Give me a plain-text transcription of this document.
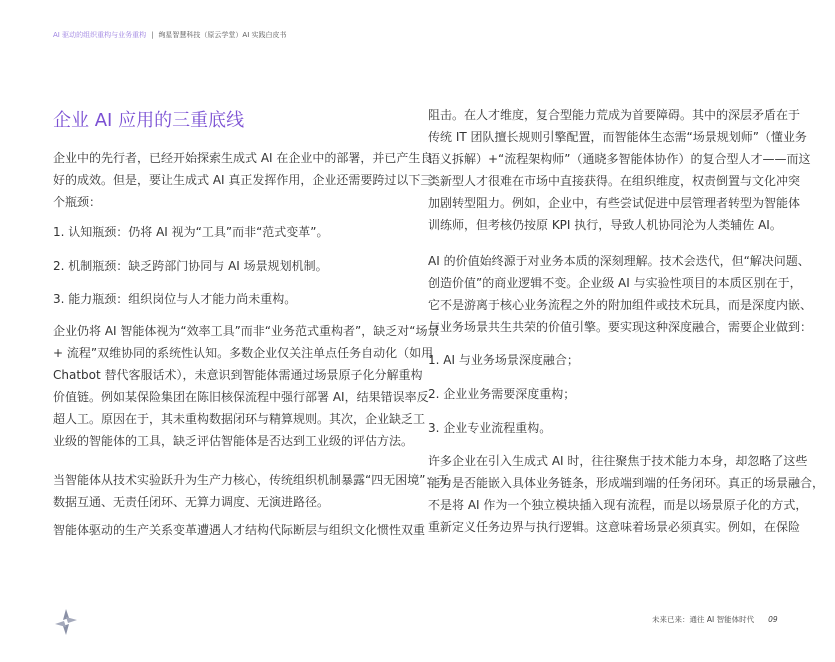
AI 驱动的组织重构与业务重构 | 绚星智慧科技（原云学堂）AI 实践白皮书
企业 AI 应用的三重底线
企业中的先行者，已经开始探索生成式 AI 在企业中的部署，并已产生良
好的成效。但是，要让生成式 AI 真正发挥作用，企业还需要跨过以下三
个瓶颈：
1. 认知瓶颈：仍将 AI 视为“工具”而非“范式变革”。
2. 机制瓶颈：缺乏跨部门协同与 AI 场景规划机制。
3. 能力瓶颈：组织岗位与人才能力尚未重构。
企业仍将 AI 智能体视为“效率工具”而非“业务范式重构者”，缺乏对“场景
+ 流程”双维协同的系统性认知。多数企业仅关注单点任务自动化（如用
Chatbot 替代客服话术），未意识到智能体需通过场景原子化分解重构
价值链。例如某保险集团在陈旧核保流程中强行部署 AI，结果错误率反
超人工。原因在于，其未重构数据闭环与精算规则。其次，企业缺乏工
业级的智能体的工具，缺乏评估智能体是否达到工业级的评估方法。
当智能体从技术实验跃升为生产力核心，传统组织机制暴露“四无困境”：无
数据互通、无责任闭环、无算力调度、无演进路径。
智能体驱动的生产关系变革遭遇人才结构代际断层与组织文化惯性双重
阻击。在人才维度，复合型能力荒成为首要障碍。其中的深层矛盾在于
传统 IT 团队擅长规则引擎配置，而智能体生态需“场景规划师”（懂业务
语义拆解）+“流程架构师”（通晓多智能体协作）的复合型人才——而这
类新型人才很难在市场中直接获得。在组织维度，权责倒置与文化冲突
加剧转型阻力。例如，企业中，有些尝试促进中层管理者转型为智能体
训练师，但考核仍按原 KPI 执行，导致人机协同沦为人类辅佐 AI。
AI 的价值始终源于对业务本质的深刻理解。技术会迭代，但“解决问题、
创造价值”的商业逻辑不变。企业级 AI 与实验性项目的本质区别在于，
它不是游离于核心业务流程之外的附加组件或技术玩具，而是深度内嵌、
与业务场景共生共荣的价值引擎。要实现这种深度融合，需要企业做到：
1. AI 与业务场景深度融合；
2. 企业业务需要深度重构；
3. 企业专业流程重构。
许多企业在引入生成式 AI 时，往往聚焦于技术能力本身，却忽略了这些
能力是否能嵌入具体业务链条，形成端到端的任务闭环。真正的场景融合，
不是将 AI 作为一个独立模块插入现有流程，而是以场景原子化的方式，
重新定义任务边界与执行逻辑。这意味着场景必须真实。例如，在保险
未来已来：通往 AI 智能体时代 09
